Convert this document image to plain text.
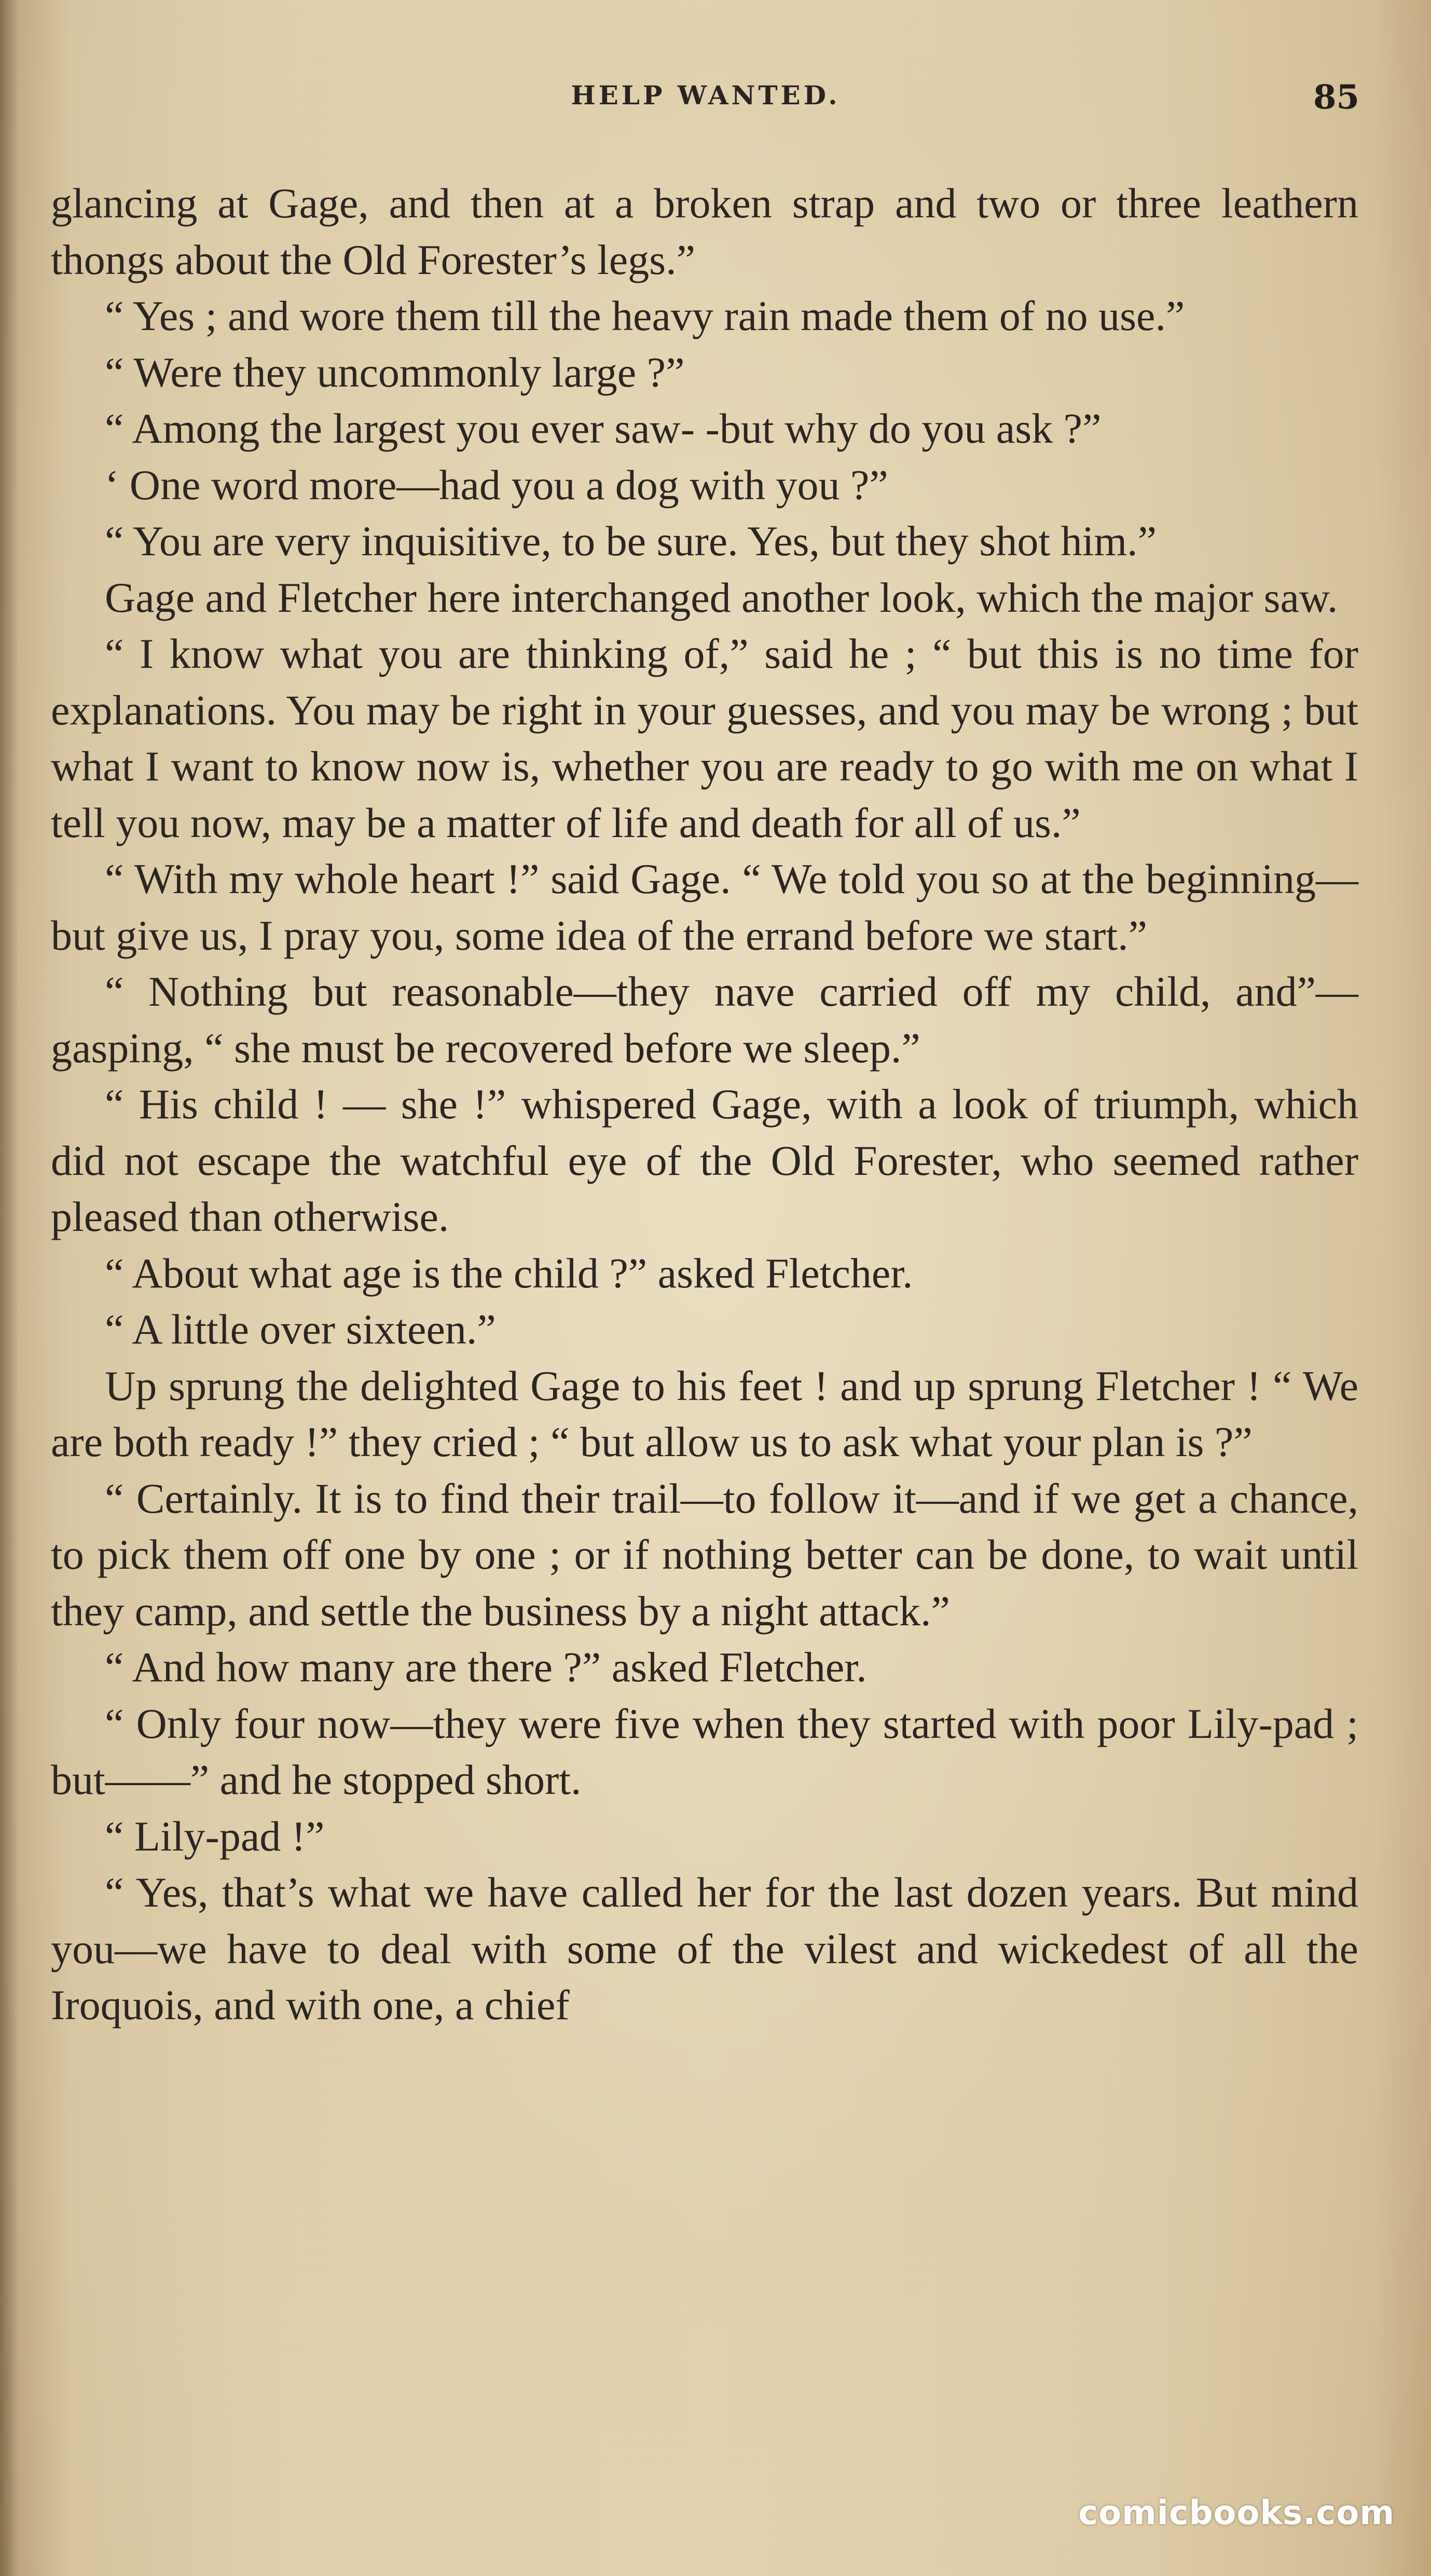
HELP WANTED.	85

glancing at Gage, and then at a broken strap and two or three leathern thongs about the Old Forester’s legs.”

“ Yes ; and wore them till the heavy rain made them of no use.”

“ Were they uncommonly large ?”

“ Among the largest you ever saw- -but why do you ask ?”

‘ One word more—had you a dog with you ?”

“ You are very inquisitive, to be sure. Yes, but they shot him.”

Gage and Fletcher here interchanged another look, which the major saw.

“ I know what you are thinking of,” said he ; “ but this is no time for explanations. You may be right in your guesses, and you may be wrong ; but what I want to know now is, whether you are ready to go with me on what I tell you now, may be a matter of life and death for all of us.”

“ With my whole heart !” said Gage. “ We told you so at the beginning—but give us, I pray you, some idea of the errand before we start.”

“ Nothing but reasonable—they nave carried off my child, and”—gasping, “ she must be recovered before we sleep.”

“ His child ! — she !” whispered Gage, with a look of triumph, which did not escape the watchful eye of the Old Forester, who seemed rather pleased than otherwise.

“ About what age is the child ?” asked Fletcher.

“ A little over sixteen.”

Up sprung the delighted Gage to his feet ! and up sprung Fletcher ! “ We are both ready !” they cried ; “ but allow us to ask what your plan is ?”

“ Certainly. It is to find their trail—to follow it—and if we get a chance, to pick them off one by one ; or if nothing better can be done, to wait until they camp, and settle the business by a night attack.”

“ And how many are there ?” asked Fletcher.

“ Only four now—they were five when they started with poor Lily-pad ; but——” and he stopped short.

“ Lily-pad !”

“ Yes, that’s what we have called her for the last dozen years. But mind you—we have to deal with some of the vilest and wickedest of all the Iroquois, and with one, a chief

comicbooks.com
